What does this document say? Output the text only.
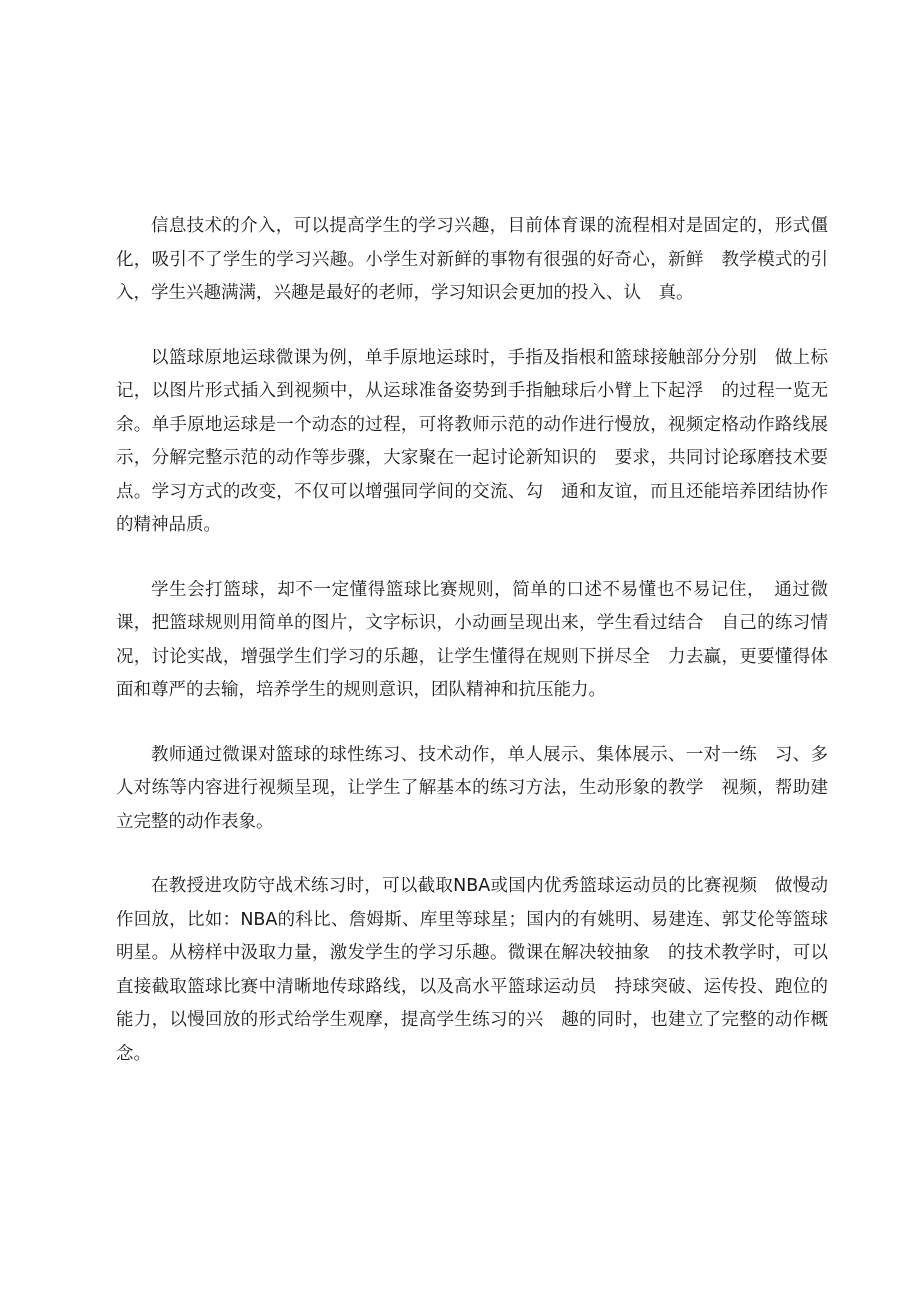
信息技术的介入，可以提高学生的学习兴趣，目前体育课的流程相对是固定的，形式僵化，吸引不了学生的学习兴趣。小学生对新鲜的事物有很强的好奇心，新鲜　教学模式的引入，学生兴趣满满，兴趣是最好的老师，学习知识会更加的投入、认　真。

以篮球原地运球微课为例，单手原地运球时，手指及指根和篮球接触部分分别　做上标记，以图片形式插入到视频中，从运球准备姿势到手指触球后小臂上下起浮　的过程一览无余。单手原地运球是一个动态的过程，可将教师示范的动作进行慢放，视频定格动作路线展示，分解完整示范的动作等步骤，大家聚在一起讨论新知识的　要求，共同讨论琢磨技术要点。学习方式的改变，不仅可以增强同学间的交流、勾　通和友谊，而且还能培养团结协作的精神品质。

学生会打篮球，却不一定懂得篮球比赛规则，简单的口述不易懂也不易记住，　通过微课，把篮球规则用简单的图片，文字标识，小动画呈现出来，学生看过结合　自己的练习情况，讨论实战，增强学生们学习的乐趣，让学生懂得在规则下拼尽全　力去赢，更要懂得体面和尊严的去输，培养学生的规则意识，团队精神和抗压能力。

教师通过微课对篮球的球性练习、技术动作，单人展示、集体展示、一对一练　习、多人对练等内容进行视频呈现，让学生了解基本的练习方法，生动形象的教学　视频，帮助建立完整的动作表象。

在教授进攻防守战术练习时，可以截取NBA或国内优秀篮球运动员的比赛视频　做慢动作回放，比如：NBA的科比、詹姆斯、库里等球星；国内的有姚明、易建连、郭艾伦等篮球明星。从榜样中汲取力量，激发学生的学习乐趣。微课在解决较抽象　的技术教学时，可以直接截取篮球比赛中清晰地传球路线，以及高水平篮球运动员　持球突破、运传投、跑位的能力，以慢回放的形式给学生观摩，提高学生练习的兴　趣的同时，也建立了完整的动作概念。
